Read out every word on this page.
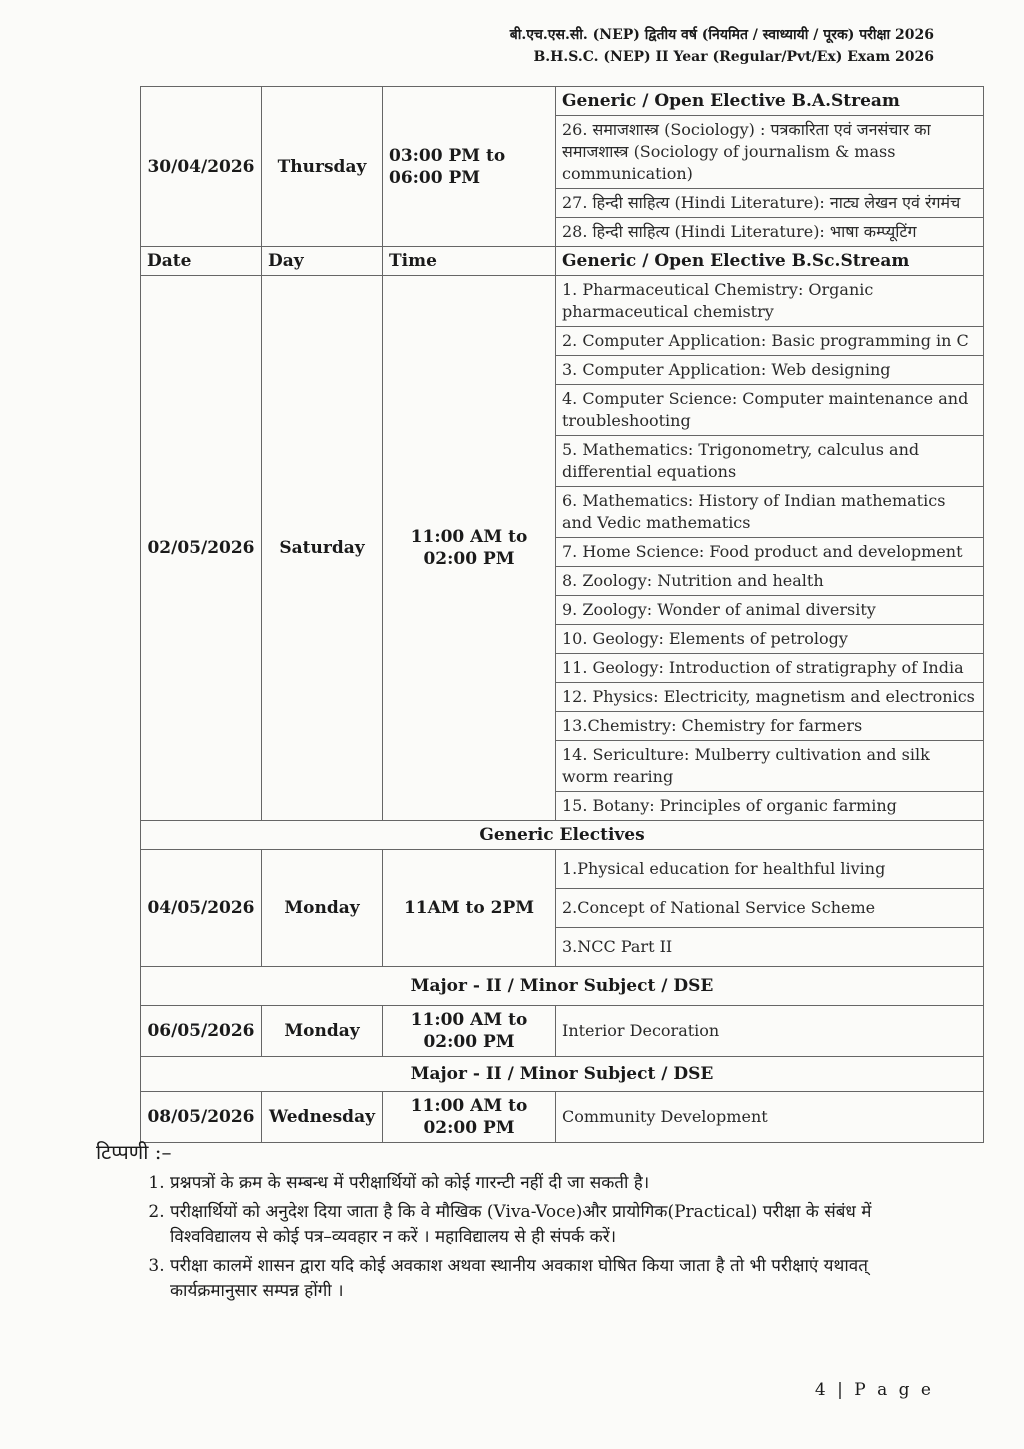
बी.एच.एस.सी. (NEP) द्वितीय वर्ष (नियमित / स्वाध्यायी / पूरक) परीक्षा 2026
B.H.S.C. (NEP) II Year (Regular/Pvt/Ex) Exam 2026
30/04/2026	Thursday	03:00 PM to 06:00 PM	Generic / Open Elective B.A.Stream
			26. समाजशास्त्र (Sociology) : पत्रकारिता एवं जनसंचार का समाजशास्त्र (Sociology of journalism & mass communication)
			27. हिन्दी साहित्य (Hindi Literature): नाट्य लेखन एवं रंगमंच
			28. हिन्दी साहित्य (Hindi Literature): भाषा कम्प्यूटिंग
Date	Day	Time	Generic / Open Elective B.Sc.Stream
02/05/2026	Saturday	11:00 AM to 02:00 PM	1. Pharmaceutical Chemistry: Organic pharmaceutical chemistry
			2. Computer Application: Basic programming in C
			3. Computer Application: Web designing
			4. Computer Science: Computer maintenance and troubleshooting
			5. Mathematics: Trigonometry, calculus and differential equations
			6. Mathematics: History of Indian mathematics and Vedic mathematics
			7. Home Science: Food product and development
			8. Zoology: Nutrition and health
			9. Zoology: Wonder of animal diversity
			10. Geology: Elements of petrology
			11. Geology: Introduction of stratigraphy of India
			12. Physics: Electricity, magnetism and electronics
			13.Chemistry: Chemistry for farmers
			14. Sericulture: Mulberry cultivation and silk worm rearing
			15. Botany: Principles of organic farming
Generic Electives			
04/05/2026	Monday	11AM to 2PM	1.Physical education for healthful living
			2.Concept of National Service Scheme
			3.NCC Part II
Major - II / Minor Subject / DSE			
06/05/2026	Monday	11:00 AM to 02:00 PM	Interior Decoration
Major - II / Minor Subject / DSE			
08/05/2026	Wednesday	11:00 AM to 02:00 PM	Community Development
टिप्पणी :–
1. प्रश्नपत्रों के क्रम के सम्बन्ध में परीक्षार्थियों को कोई गारन्टी नहीं दी जा सकती है।
2. परीक्षार्थियों को अनुदेश दिया जाता है कि वे मौखिक (Viva-Voce)और प्रायोगिक(Practical) परीक्षा के संबंध में विश्वविद्यालय से कोई पत्र–व्यवहार न करें । महाविद्यालय से ही संपर्क करें।
3. परीक्षा कालमें शासन द्वारा यदि कोई अवकाश अथवा स्थानीय अवकाश घोषित किया जाता है तो भी परीक्षाएं यथावत् कार्यक्रमानुसार सम्पन्न होंगी ।
4 | P a g e
